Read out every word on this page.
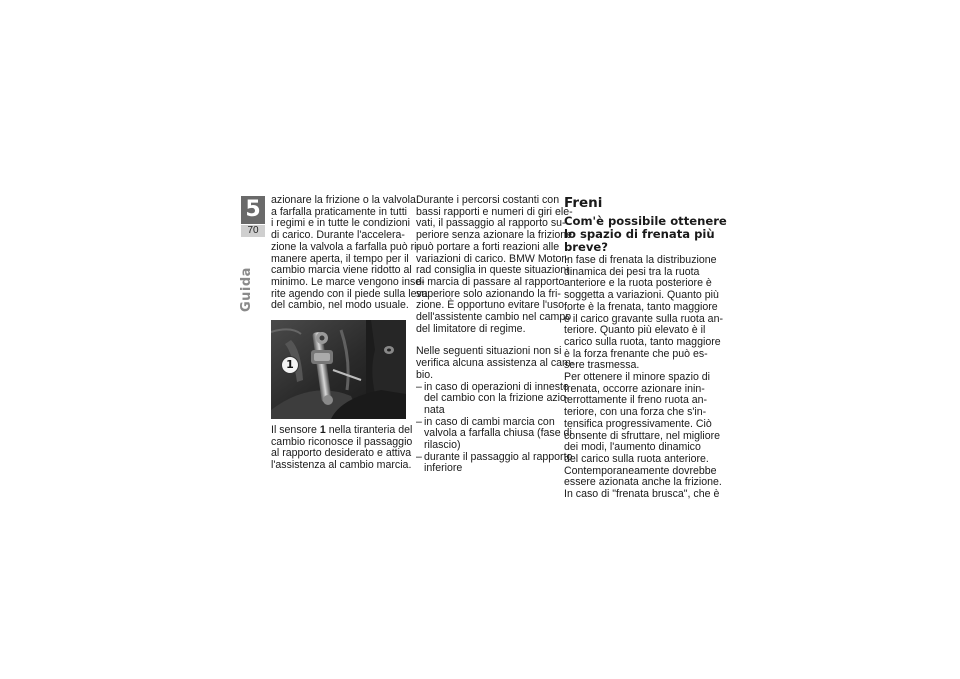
5
70
Guida
azionare la frizione o la valvola
a farfalla praticamente in tutti
i regimi e in tutte le condizioni
di carico. Durante l'accelera-
zione la valvola a farfalla può ri-
manere aperta, il tempo per il
cambio marcia viene ridotto al
minimo. Le marce vengono inse-
rite agendo con il piede sulla leva
del cambio, nel modo usuale.
1
Il sensore 1 nella tiranteria del
cambio riconosce il passaggio
al rapporto desiderato e attiva
l'assistenza al cambio marcia.
Durante i percorsi costanti con
bassi rapporti e numeri di giri ele-
vati, il passaggio al rapporto su-
periore senza azionare la frizione
può portare a forti reazioni alle
variazioni di carico. BMW Motor-
rad consiglia in queste situazioni
di marcia di passare al rapporto
superiore solo azionando la fri-
zione. È opportuno evitare l'uso
dell'assistente cambio nel campo
del limitatore di regime.
Nelle seguenti situazioni non si
verifica alcuna assistenza al cam-
bio.
– in caso di operazioni di innesto
del cambio con la frizione azio-
nata
– in caso di cambi marcia con
valvola a farfalla chiusa (fase di
rilascio)
– durante il passaggio al rapporto
inferiore
Freni
Com'è possibile ottenere
lo spazio di frenata più
breve?
In fase di frenata la distribuzione
dinamica dei pesi tra la ruota
anteriore e la ruota posteriore è
soggetta a variazioni. Quanto più
forte è la frenata, tanto maggiore
è il carico gravante sulla ruota an-
teriore. Quanto più elevato è il
carico sulla ruota, tanto maggiore
è la forza frenante che può es-
sere trasmessa.
Per ottenere il minore spazio di
frenata, occorre azionare inin-
terrottamente il freno ruota an-
teriore, con una forza che s'in-
tensifica progressivamente. Ciò
consente di sfruttare, nel migliore
dei modi, l'aumento dinamico
del carico sulla ruota anteriore.
Contemporaneamente dovrebbe
essere azionata anche la frizione.
In caso di "frenata brusca", che è
